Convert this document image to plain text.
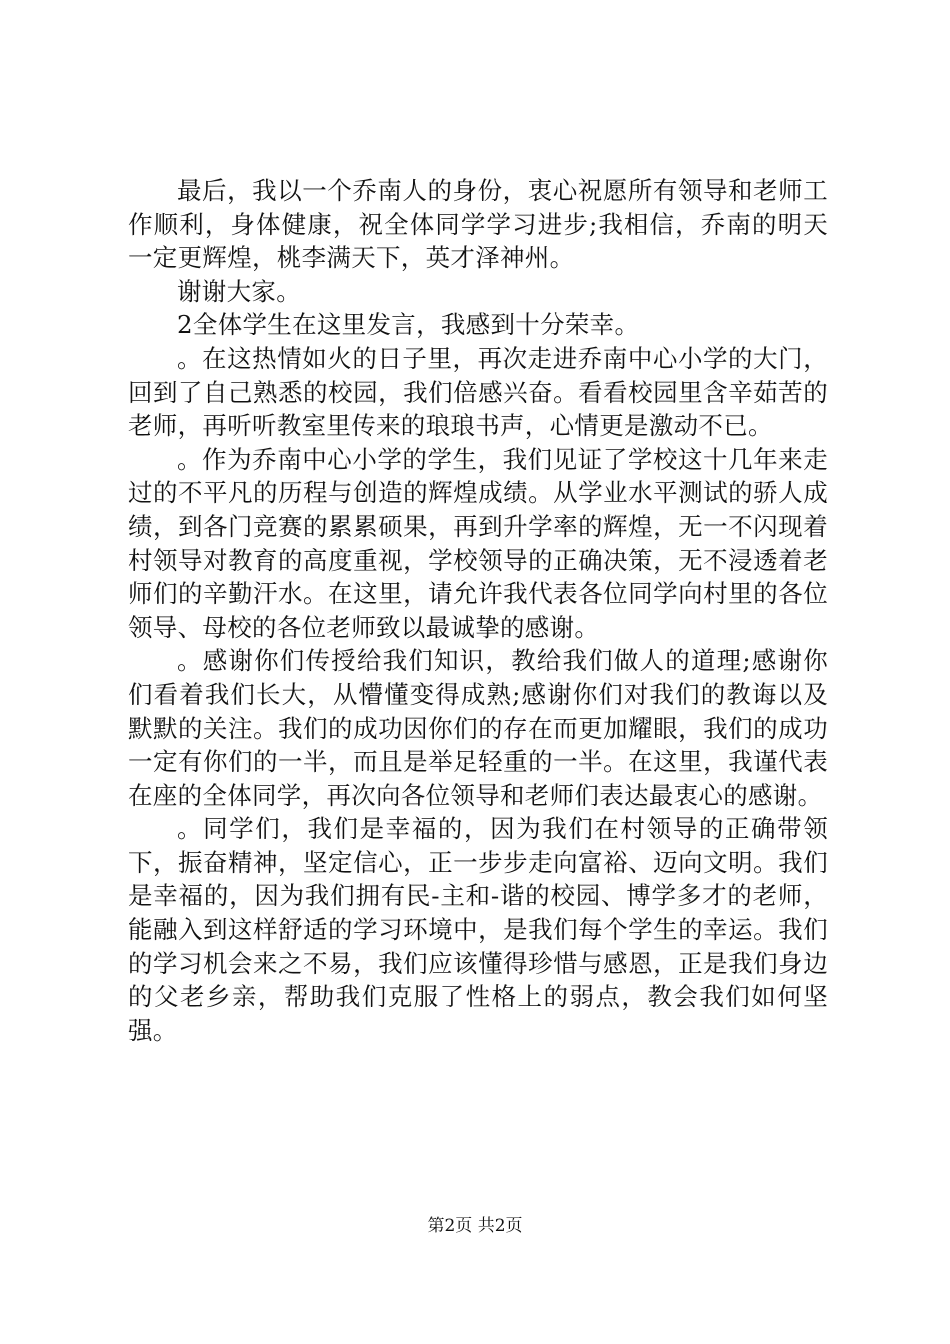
最后，我以一个乔南人的身份，衷心祝愿所有领导和老师工作顺利，身体健康，祝全体同学学习进步;我相信，乔南的明天一定更辉煌，桃李满天下，英才泽神州。

谢谢大家。

2全体学生在这里发言，我感到十分荣幸。

。在这热情如火的日子里，再次走进乔南中心小学的大门，回到了自己熟悉的校园，我们倍感兴奋。看看校园里含辛茹苦的老师，再听听教室里传来的琅琅书声，心情更是激动不已。

。作为乔南中心小学的学生，我们见证了学校这十几年来走过的不平凡的历程与创造的辉煌成绩。从学业水平测试的骄人成绩，到各门竞赛的累累硕果，再到升学率的辉煌，无一不闪现着村领导对教育的高度重视，学校领导的正确决策，无不浸透着老师们的辛勤汗水。在这里，请允许我代表各位同学向村里的各位领导、母校的各位老师致以最诚挚的感谢。

。感谢你们传授给我们知识，教给我们做人的道理;感谢你们看着我们长大，从懵懂变得成熟;感谢你们对我们的教诲以及默默的关注。我们的成功因你们的存在而更加耀眼，我们的成功一定有你们的一半，而且是举足轻重的一半。在这里，我谨代表在座的全体同学，再次向各位领导和老师们表达最衷心的感谢。

。同学们，我们是幸福的，因为我们在村领导的正确带领下，振奋精神，坚定信心，正一步步走向富裕、迈向文明。我们是幸福的，因为我们拥有民-主和-谐的校园、博学多才的老师，能融入到这样舒适的学习环境中，是我们每个学生的幸运。我们的学习机会来之不易，我们应该懂得珍惜与感恩，正是我们身边的父老乡亲，帮助我们克服了性格上的弱点，教会我们如何坚强。

第2页 共2页
